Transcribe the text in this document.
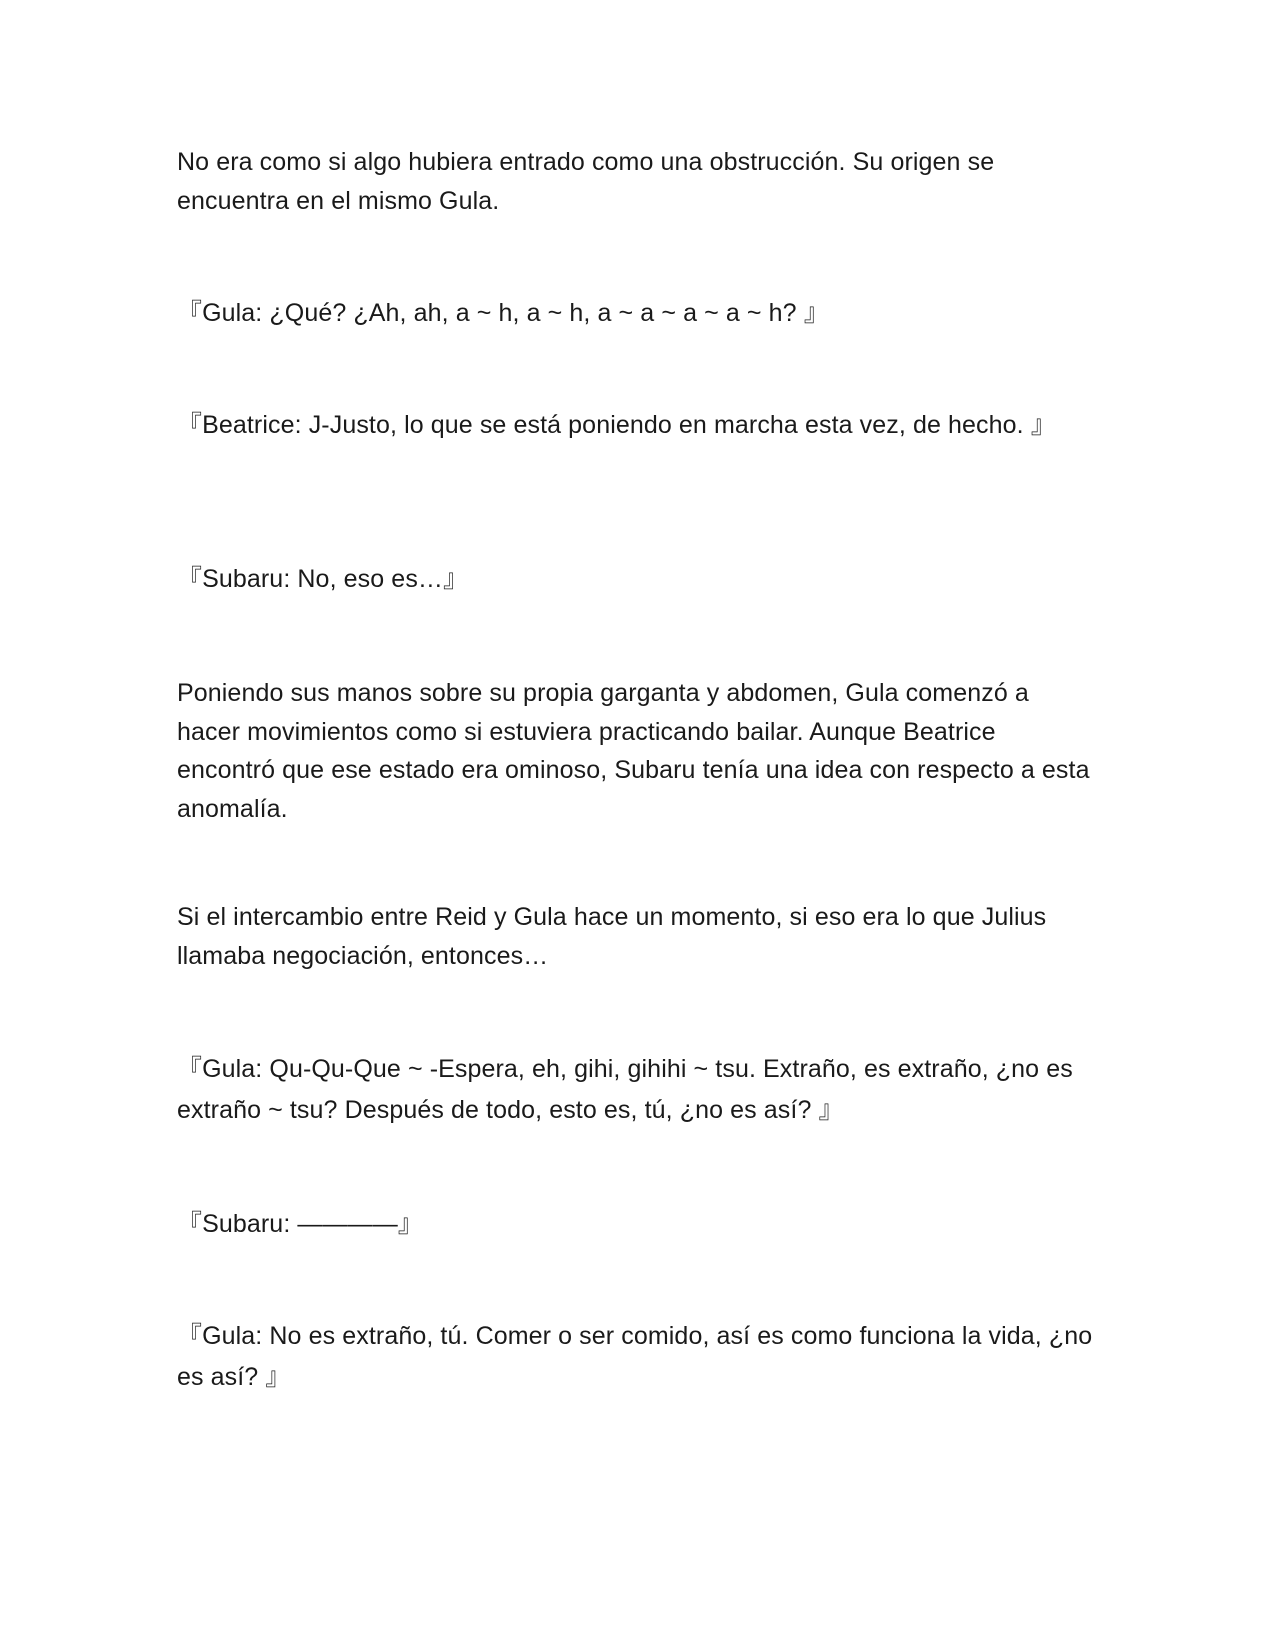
No era como si algo hubiera entrado como una obstrucción. Su origen se encuentra en el mismo Gula.

『Gula: ¿Qué? ¿Ah, ah, a ~ h, a ~ h, a ~ a ~ a ~ a ~ h? 』

『Beatrice: J-Justo, lo que se está poniendo en marcha esta vez, de hecho. 』

『Subaru: No, eso es…』

Poniendo sus manos sobre su propia garganta y abdomen, Gula comenzó a hacer movimientos como si estuviera practicando bailar. Aunque Beatrice encontró que ese estado era ominoso, Subaru tenía una idea con respecto a esta anomalía.

Si el intercambio entre Reid y Gula hace un momento, si eso era lo que Julius llamaba negociación, entonces…

『Gula: Qu-Qu-Que ~ -Espera, eh, gihi, gihihi ~ tsu. Extraño, es extraño, ¿no es extraño ~ tsu? Después de todo, esto es, tú, ¿no es así? 』

『Subaru: ————』

『Gula: No es extraño, tú. Comer o ser comido, así es como funciona la vida, ¿no es así? 』
